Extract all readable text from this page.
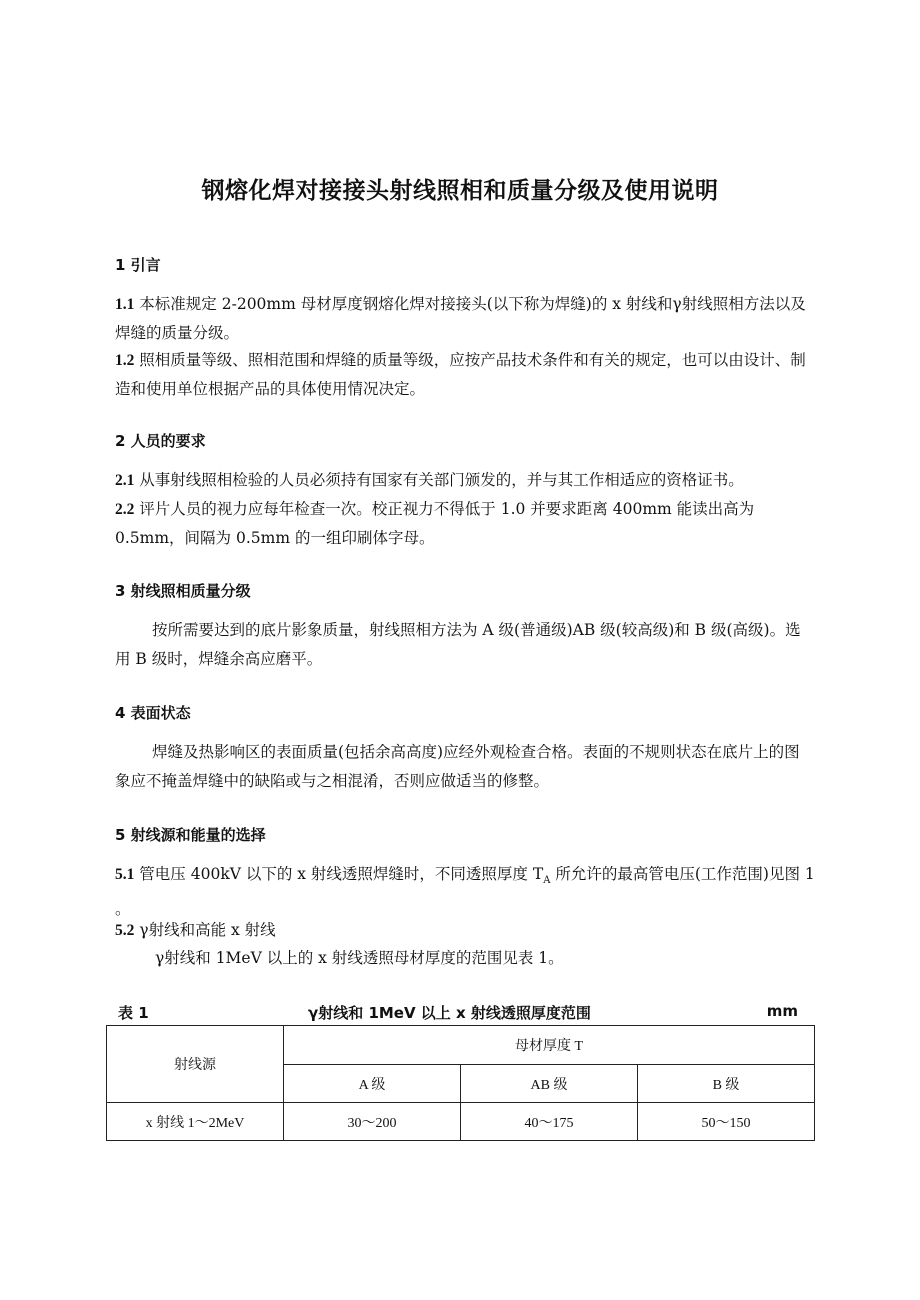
钢熔化焊对接接头射线照相和质量分级及使用说明
1 引言
1.1 本标准规定 2-200mm 母材厚度钢熔化焊对接接头(以下称为焊缝)的 x 射线和γ射线照相方法以及焊缝的质量分级。
1.2 照相质量等级、照相范围和焊缝的质量等级，应按产品技术条件和有关的规定，也可以由设计、制造和使用单位根据产品的具体使用情况决定。
2 人员的要求
2.1 从事射线照相检验的人员必须持有国家有关部门颁发的，并与其工作相适应的资格证书。
2.2 评片人员的视力应每年检查一次。校正视力不得低于 1.0 并要求距离 400mm 能读出高为 0.5mm，间隔为 0.5mm 的一组印刷体字母。
3 射线照相质量分级
按所需要达到的底片影象质量，射线照相方法为 A 级(普通级)AB 级(较高级)和 B 级(高级)。选用 B 级时，焊缝余高应磨平。
4 表面状态
焊缝及热影响区的表面质量(包括余高高度)应经外观检查合格。表面的不规则状态在底片上的图象应不掩盖焊缝中的缺陷或与之相混淆，否则应做适当的修整。
5 射线源和能量的选择
5.1 管电压 400kV 以下的 x 射线透照焊缝时，不同透照厚度 $T_A$ 所允许的最高管电压(工作范围)见图 1 。
5.2 γ射线和高能 x 射线
γ射线和 1MeV 以上的 x 射线透照母材厚度的范围见表 1。
表 1	γ射线和 1MeV 以上 x 射线透照厚度范围	mm
射线源	母材厚度 T		
	A 级	AB 级	B 级
x 射线 1～2MeV	30～200	40～175	50～150
